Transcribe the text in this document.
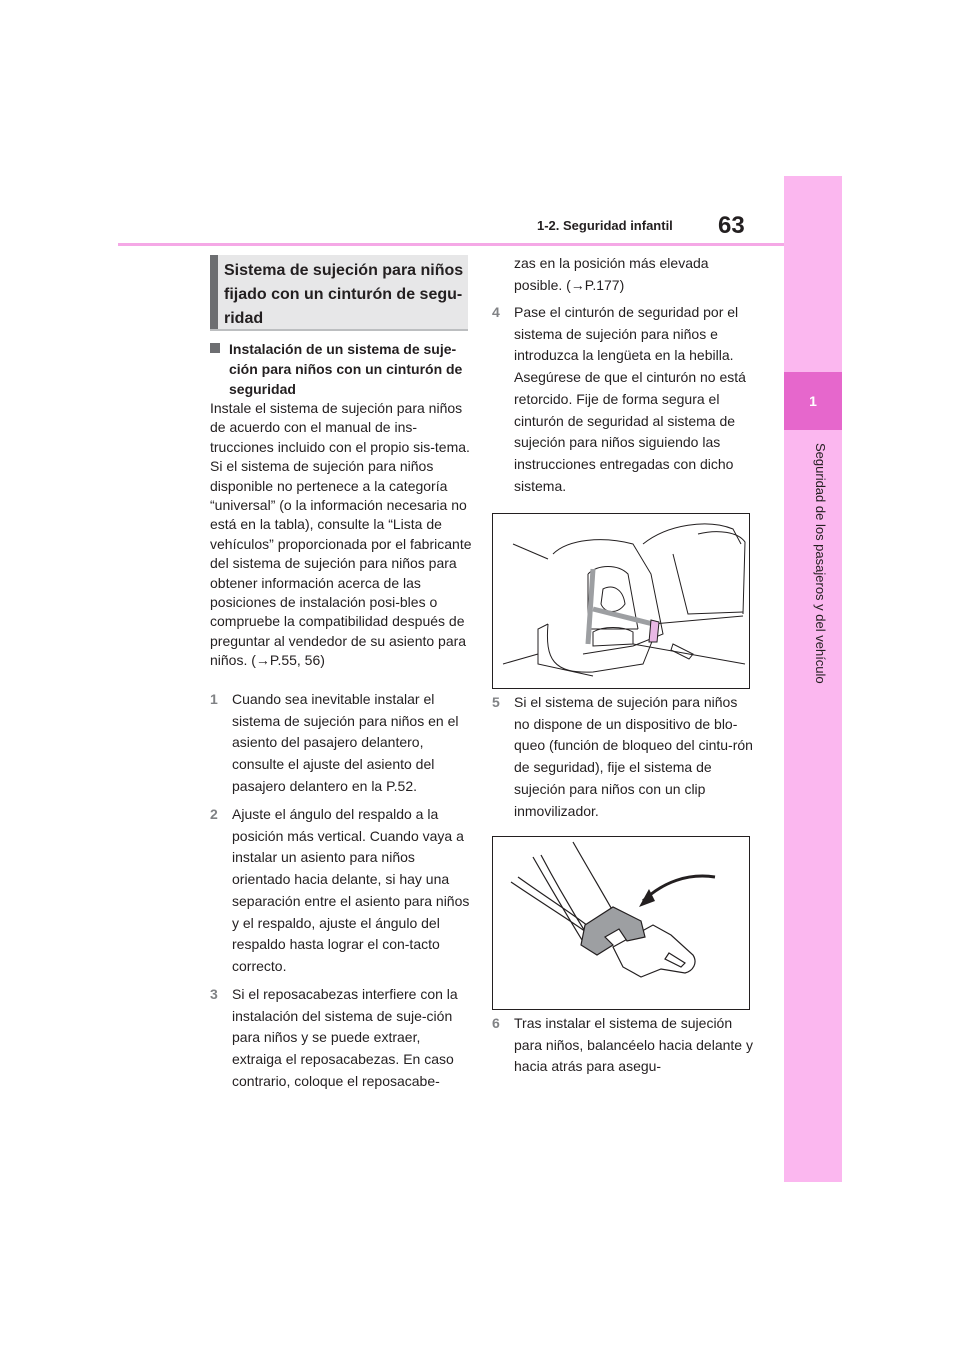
1-2. Seguridad infantil 63
1
Seguridad de los pasajeros y del vehículo
Sistema de sujeción para niños fijado con un cinturón de segu-ridad
Instalación de un sistema de suje-ción para niños con un cinturón de seguridad

Instale el sistema de sujeción para niños de acuerdo con el manual de ins-trucciones incluido con el propio sis-tema.

Si el sistema de sujeción para niños disponible no pertenece a la categoría “universal” (o la información necesaria no está en la tabla), consulte la “Lista de vehículos” proporcionada por el fabricante del sistema de sujeción para niños para obtener información acerca de las posiciones de instalación posi-bles o compruebe la compatibilidad después de preguntar al vendedor de su asiento para niños. (→P.55, 56)

1	Cuando sea inevitable instalar el sistema de sujeción para niños en el asiento del pasajero delantero, consulte el ajuste del asiento del pasajero delantero en la P.52.
2	Ajuste el ángulo del respaldo a la posición más vertical. Cuando vaya a instalar un asiento para niños orientado hacia delante, si hay una separación entre el asiento para niños y el respaldo, ajuste el ángulo del respaldo hasta lograr el con-tacto correcto.
3	Si el reposacabezas interfiere con la instalación del sistema de suje-ción para niños y se puede extraer, extraiga el reposacabezas. En caso contrario, coloque el reposacabe-
zas en la posición más elevada posible. (→P.177)
4	Pase el cinturón de seguridad por el sistema de sujeción para niños e introduzca la lengüeta en la hebilla. Asegúrese de que el cinturón no está retorcido. Fije de forma segura el cinturón de seguridad al sistema de sujeción para niños siguiendo las instrucciones entregadas con dicho sistema.
5	Si el sistema de sujeción para niños no dispone de un dispositivo de blo-queo (función de bloqueo del cintu-rón de seguridad), fije el sistema de sujeción para niños con un clip inmovilizador.
6	Tras instalar el sistema de sujeción para niños, balancéelo hacia delante y hacia atrás para asegu-
